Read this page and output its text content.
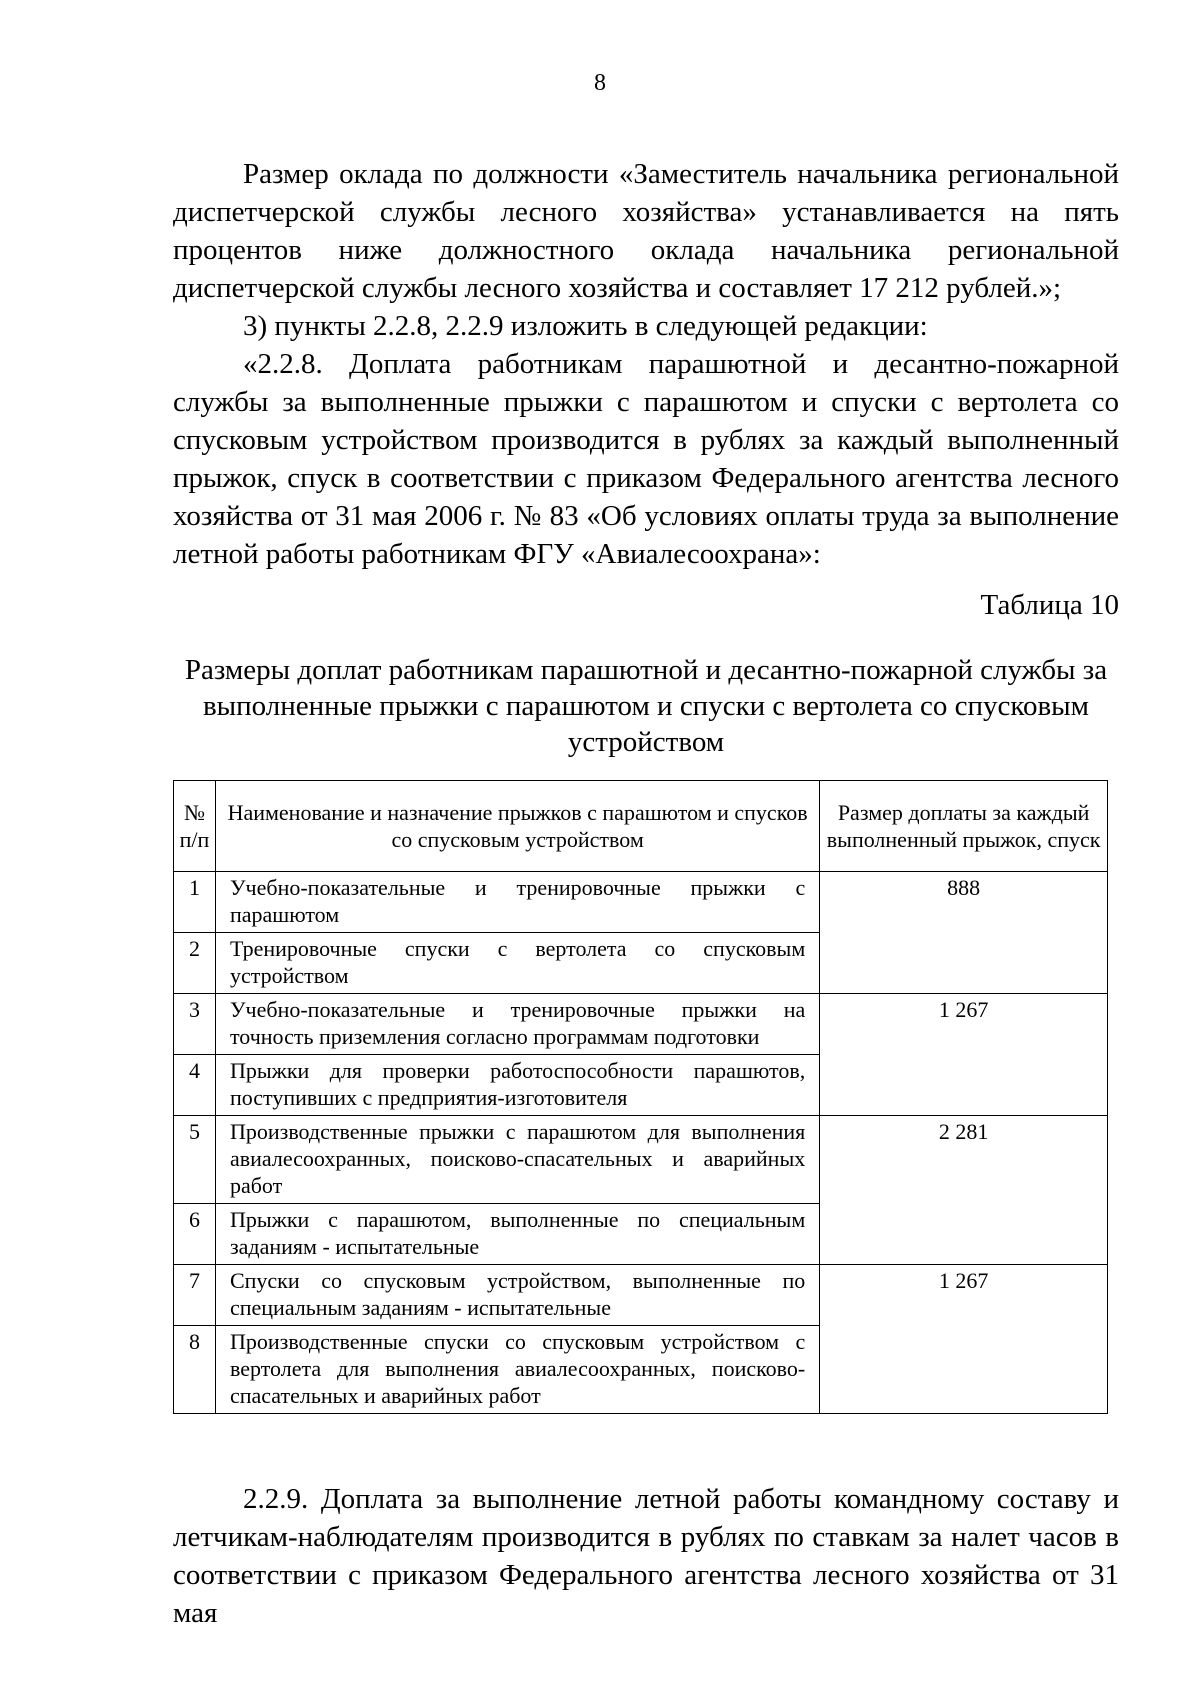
8

Размер оклада по должности «Заместитель начальника региональной диспетчерской службы лесного хозяйства» устанавливается на пять процентов ниже должностного оклада начальника региональной диспетчерской службы лесного хозяйства и составляет 17 212 рублей.»;

3) пункты 2.2.8, 2.2.9 изложить в следующей редакции:

«2.2.8. Доплата работникам парашютной и десантно-пожарной службы за выполненные прыжки с парашютом и спуски с вертолета со спусковым устройством производится в рублях за каждый выполненный прыжок, спуск в соответствии с приказом Федерального агентства лесного хозяйства от 31 мая 2006 г. № 83 «Об условиях оплаты труда за выполнение летной работы работникам ФГУ «Авиалесоохрана»:

Таблица 10
Размеры доплат работникам парашютной и десантно-пожарной службы за выполненные прыжки с парашютом и спуски с вертолета со спусковым устройством
№ п/п	Наименование и назначение прыжков с парашютом и спусков со спусковым устройством	Размер доплаты за каждый выполненный прыжок, спуск
1	Учебно-показательные и тренировочные прыжки с парашютом	888
2	Тренировочные спуски с вертолета со спусковым устройством	
3	Учебно-показательные и тренировочные прыжки на точность приземления согласно программам подготовки	1 267
4	Прыжки для проверки работоспособности парашютов, поступивших с предприятия-изготовителя	
5	Производственные прыжки с парашютом для выполнения авиалесоохранных, поисково-спасательных и аварийных работ	2 281
6	Прыжки с парашютом, выполненные по специальным заданиям - испытательные	
7	Спуски со спусковым устройством, выполненные по специальным заданиям - испытательные	1 267
8	Производственные спуски со спусковым устройством с вертолета для выполнения авиалесоохранных, поисково-спасательных и аварийных работ	

2.2.9. Доплата за выполнение летной работы командному составу и летчикам-наблюдателям производится в рублях по ставкам за налет часов в соответствии с приказом Федерального агентства лесного хозяйства от 31 мая
